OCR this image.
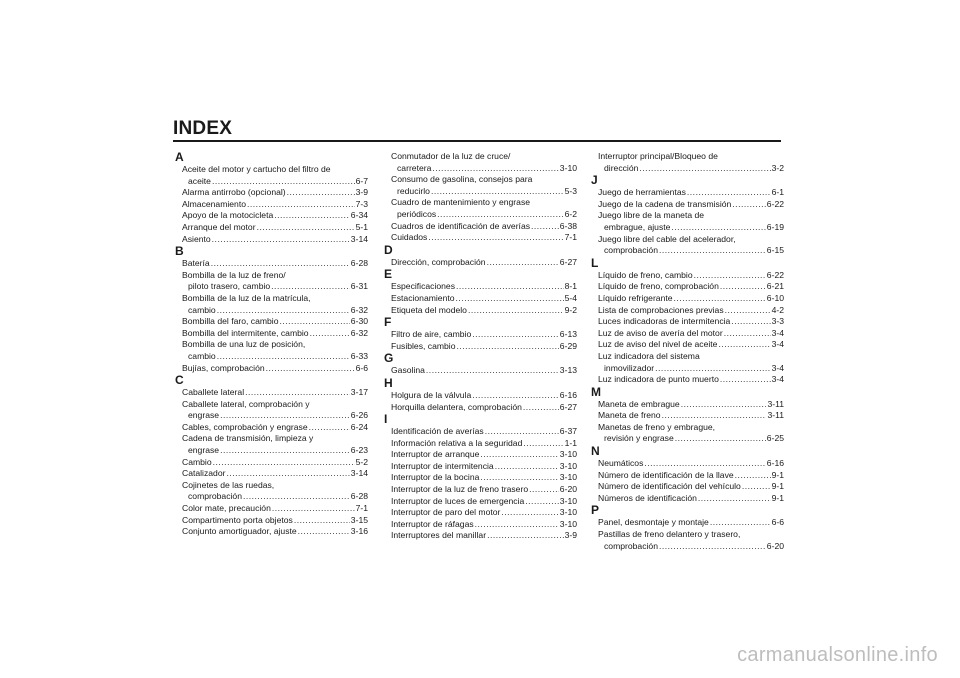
INDEX
A
Aceite del motor y cartucho del filtro de
aceite .....	6-7
Alarma antirrobo (opcional) .....	3-9
Almacenamiento .....	7-3
Apoyo de la motocicleta .....	6-34
Arranque del motor .....	5-1
Asiento .....	3-14
B
Batería .....	6-28
Bombilla de la luz de freno/
piloto trasero, cambio .....	6-31
Bombilla de la luz de la matrícula,
cambio .....	6-32
Bombilla del faro, cambio .....	6-30
Bombilla del intermitente, cambio .....	6-32
Bombilla de una luz de posición,
cambio .....	6-33
Bujías, comprobación .....	6-6
C
Caballete lateral .....	3-17
Caballete lateral, comprobación y
engrase .....	6-26
Cables, comprobación y engrase .....	6-24
Cadena de transmisión, limpieza y
engrase .....	6-23
Cambio .....	5-2
Catalizador .....	3-14
Cojinetes de las ruedas,
comprobación .....	6-28
Color mate, precaución .....	7-1
Compartimento porta objetos .....	3-15
Conjunto amortiguador, ajuste .....	3-16
Conmutador de la luz de cruce/
carretera .....	3-10
Consumo de gasolina, consejos para
reducirlo .....	5-3
Cuadro de mantenimiento y engrase
periódicos .....	6-2
Cuadros de identificación de averías .....	6-38
Cuidados .....	7-1
D
Dirección, comprobación .....	6-27
E
Especificaciones .....	8-1
Estacionamiento .....	5-4
Etiqueta del modelo .....	9-2
F
Filtro de aire, cambio .....	6-13
Fusibles, cambio .....	6-29
G
Gasolina .....	3-13
H
Holgura de la válvula .....	6-16
Horquilla delantera, comprobación .....	6-27
I
Identificación de averías .....	6-37
Información relativa a la seguridad .....	1-1
Interruptor de arranque .....	3-10
Interruptor de intermitencia .....	3-10
Interruptor de la bocina .....	3-10
Interruptor de la luz de freno trasero .....	6-20
Interruptor de luces de emergencia .....	3-10
Interruptor de paro del motor .....	3-10
Interruptor de ráfagas .....	3-10
Interruptores del manillar .....	3-9
Interruptor principal/Bloqueo de
dirección .....	3-2
J
Juego de herramientas .....	6-1
Juego de la cadena de transmisión .....	6-22
Juego libre de la maneta de
embrague, ajuste .....	6-19
Juego libre del cable del acelerador,
comprobación .....	6-15
L
Líquido de freno, cambio .....	6-22
Líquido de freno, comprobación .....	6-21
Líquido refrigerante .....	6-10
Lista de comprobaciones previas .....	4-2
Luces indicadoras de intermitencia .....	3-3
Luz de aviso de avería del motor .....	3-4
Luz de aviso del nivel de aceite .....	3-4
Luz indicadora del sistema
inmovilizador .....	3-4
Luz indicadora de punto muerto .....	3-4
M
Maneta de embrague .....	3-11
Maneta de freno .....	3-11
Manetas de freno y embrague,
revisión y engrase .....	6-25
N
Neumáticos .....	6-16
Número de identificación de la llave .....	9-1
Número de identificación del vehículo .....	9-1
Números de identificación .....	9-1
P
Panel, desmontaje y montaje .....	6-6
Pastillas de freno delantero y trasero,
comprobación .....	6-20
carmanualsonline.info
